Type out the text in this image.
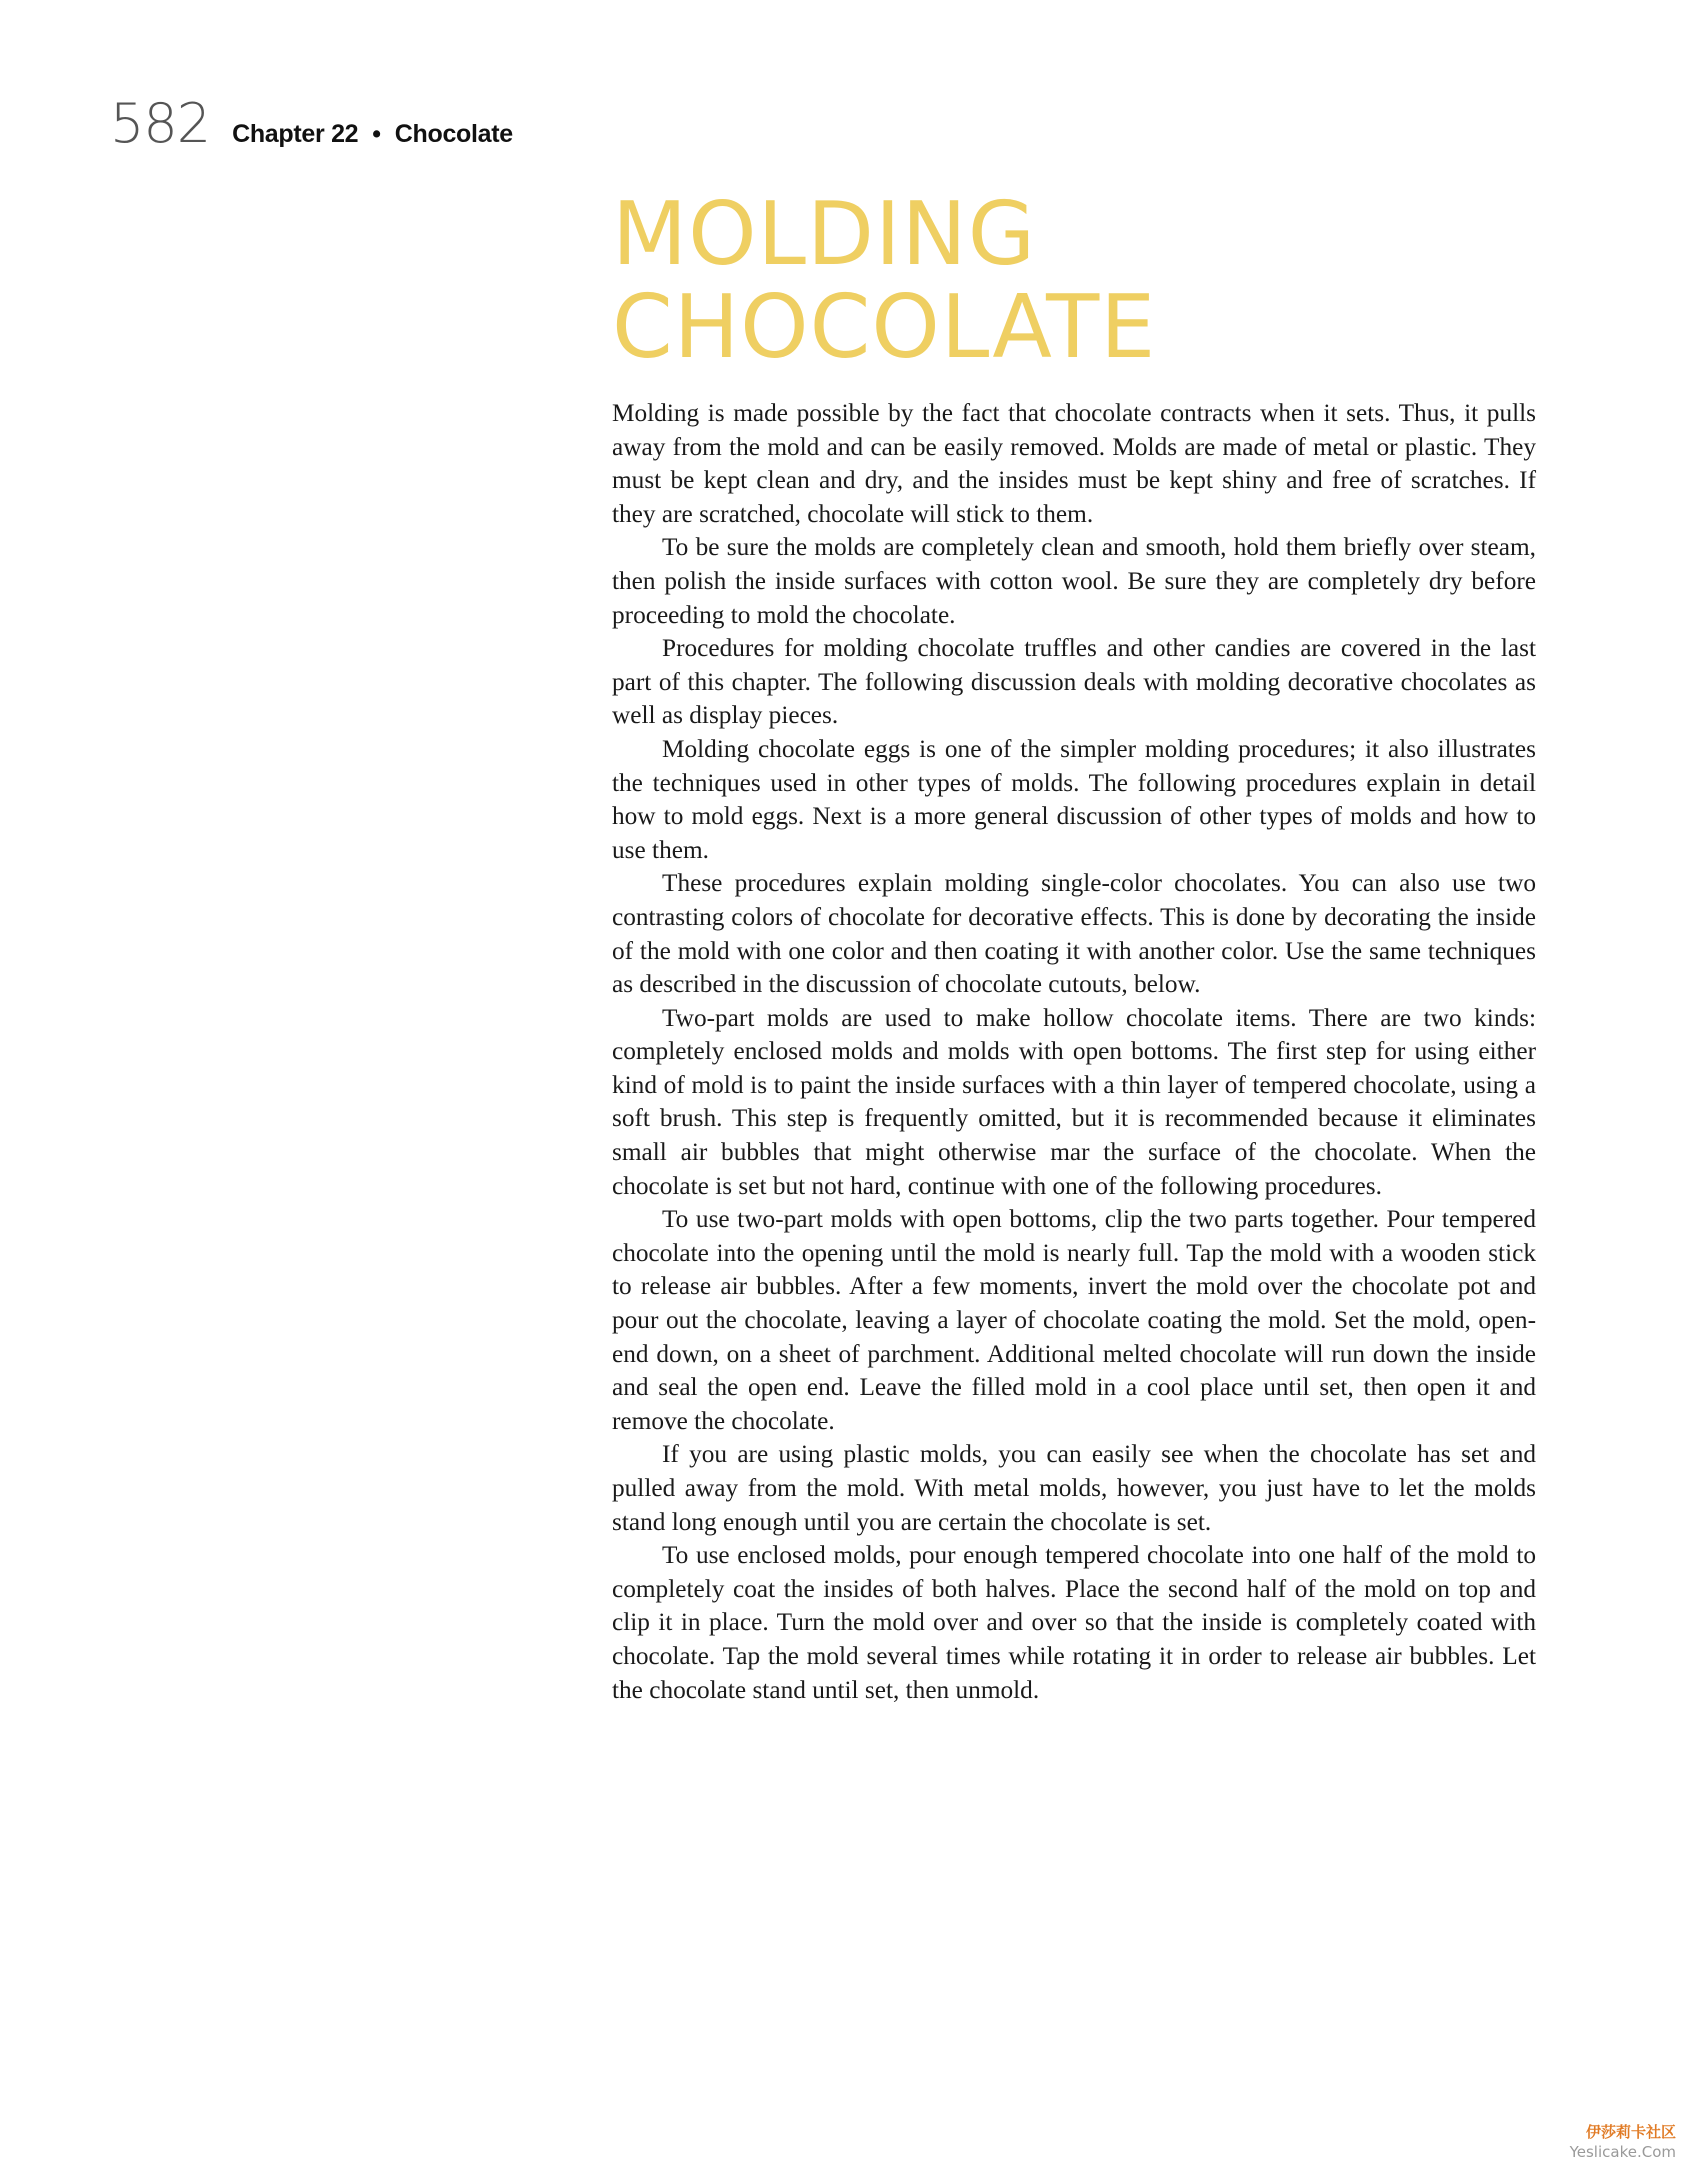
582 Chapter 22 • Chocolate
MOLDING
CHOCOLATE

Molding is made possible by the fact that chocolate contracts when it sets. Thus, it pulls away from the mold and can be easily removed. Molds are made of metal or plastic. They must be kept clean and dry, and the insides must be kept shiny and free of scratches. If they are scratched, chocolate will stick to them.

To be sure the molds are completely clean and smooth, hold them briefly over steam, then polish the inside surfaces with cotton wool. Be sure they are completely dry before proceeding to mold the chocolate.

Procedures for molding chocolate truffles and other candies are covered in the last part of this chapter. The following discussion deals with molding decorative chocolates as well as display pieces.

Molding chocolate eggs is one of the simpler molding procedures; it also illustrates the techniques used in other types of molds. The following procedures explain in detail how to mold eggs. Next is a more general discussion of other types of molds and how to use them.

These procedures explain molding single-color chocolates. You can also use two contrasting colors of chocolate for decorative effects. This is done by decorating the inside of the mold with one color and then coating it with another color. Use the same techniques as described in the discussion of chocolate cutouts, below.

Two-part molds are used to make hollow chocolate items. There are two kinds: completely enclosed molds and molds with open bottoms. The first step for using either kind of mold is to paint the inside surfaces with a thin layer of tempered chocolate, using a soft brush. This step is frequently omitted, but it is recommended because it eliminates small air bubbles that might otherwise mar the surface of the chocolate. When the chocolate is set but not hard, continue with one of the following procedures.

To use two-part molds with open bottoms, clip the two parts together. Pour tempered chocolate into the opening until the mold is nearly full. Tap the mold with a wooden stick to release air bubbles. After a few moments, invert the mold over the chocolate pot and pour out the chocolate, leaving a layer of chocolate coating the mold. Set the mold, open-end down, on a sheet of parchment. Additional melted chocolate will run down the inside and seal the open end. Leave the filled mold in a cool place until set, then open it and remove the chocolate.

If you are using plastic molds, you can easily see when the chocolate has set and pulled away from the mold. With metal molds, however, you just have to let the molds stand long enough until you are certain the chocolate is set.

To use enclosed molds, pour enough tempered chocolate into one half of the mold to completely coat the insides of both halves. Place the second half of the mold on top and clip it in place. Turn the mold over and over so that the inside is completely coated with chocolate. Tap the mold several times while rotating it in order to release air bubbles. Let the chocolate stand until set, then unmold.

伊莎莉卡社区
Yeslicake.Com
